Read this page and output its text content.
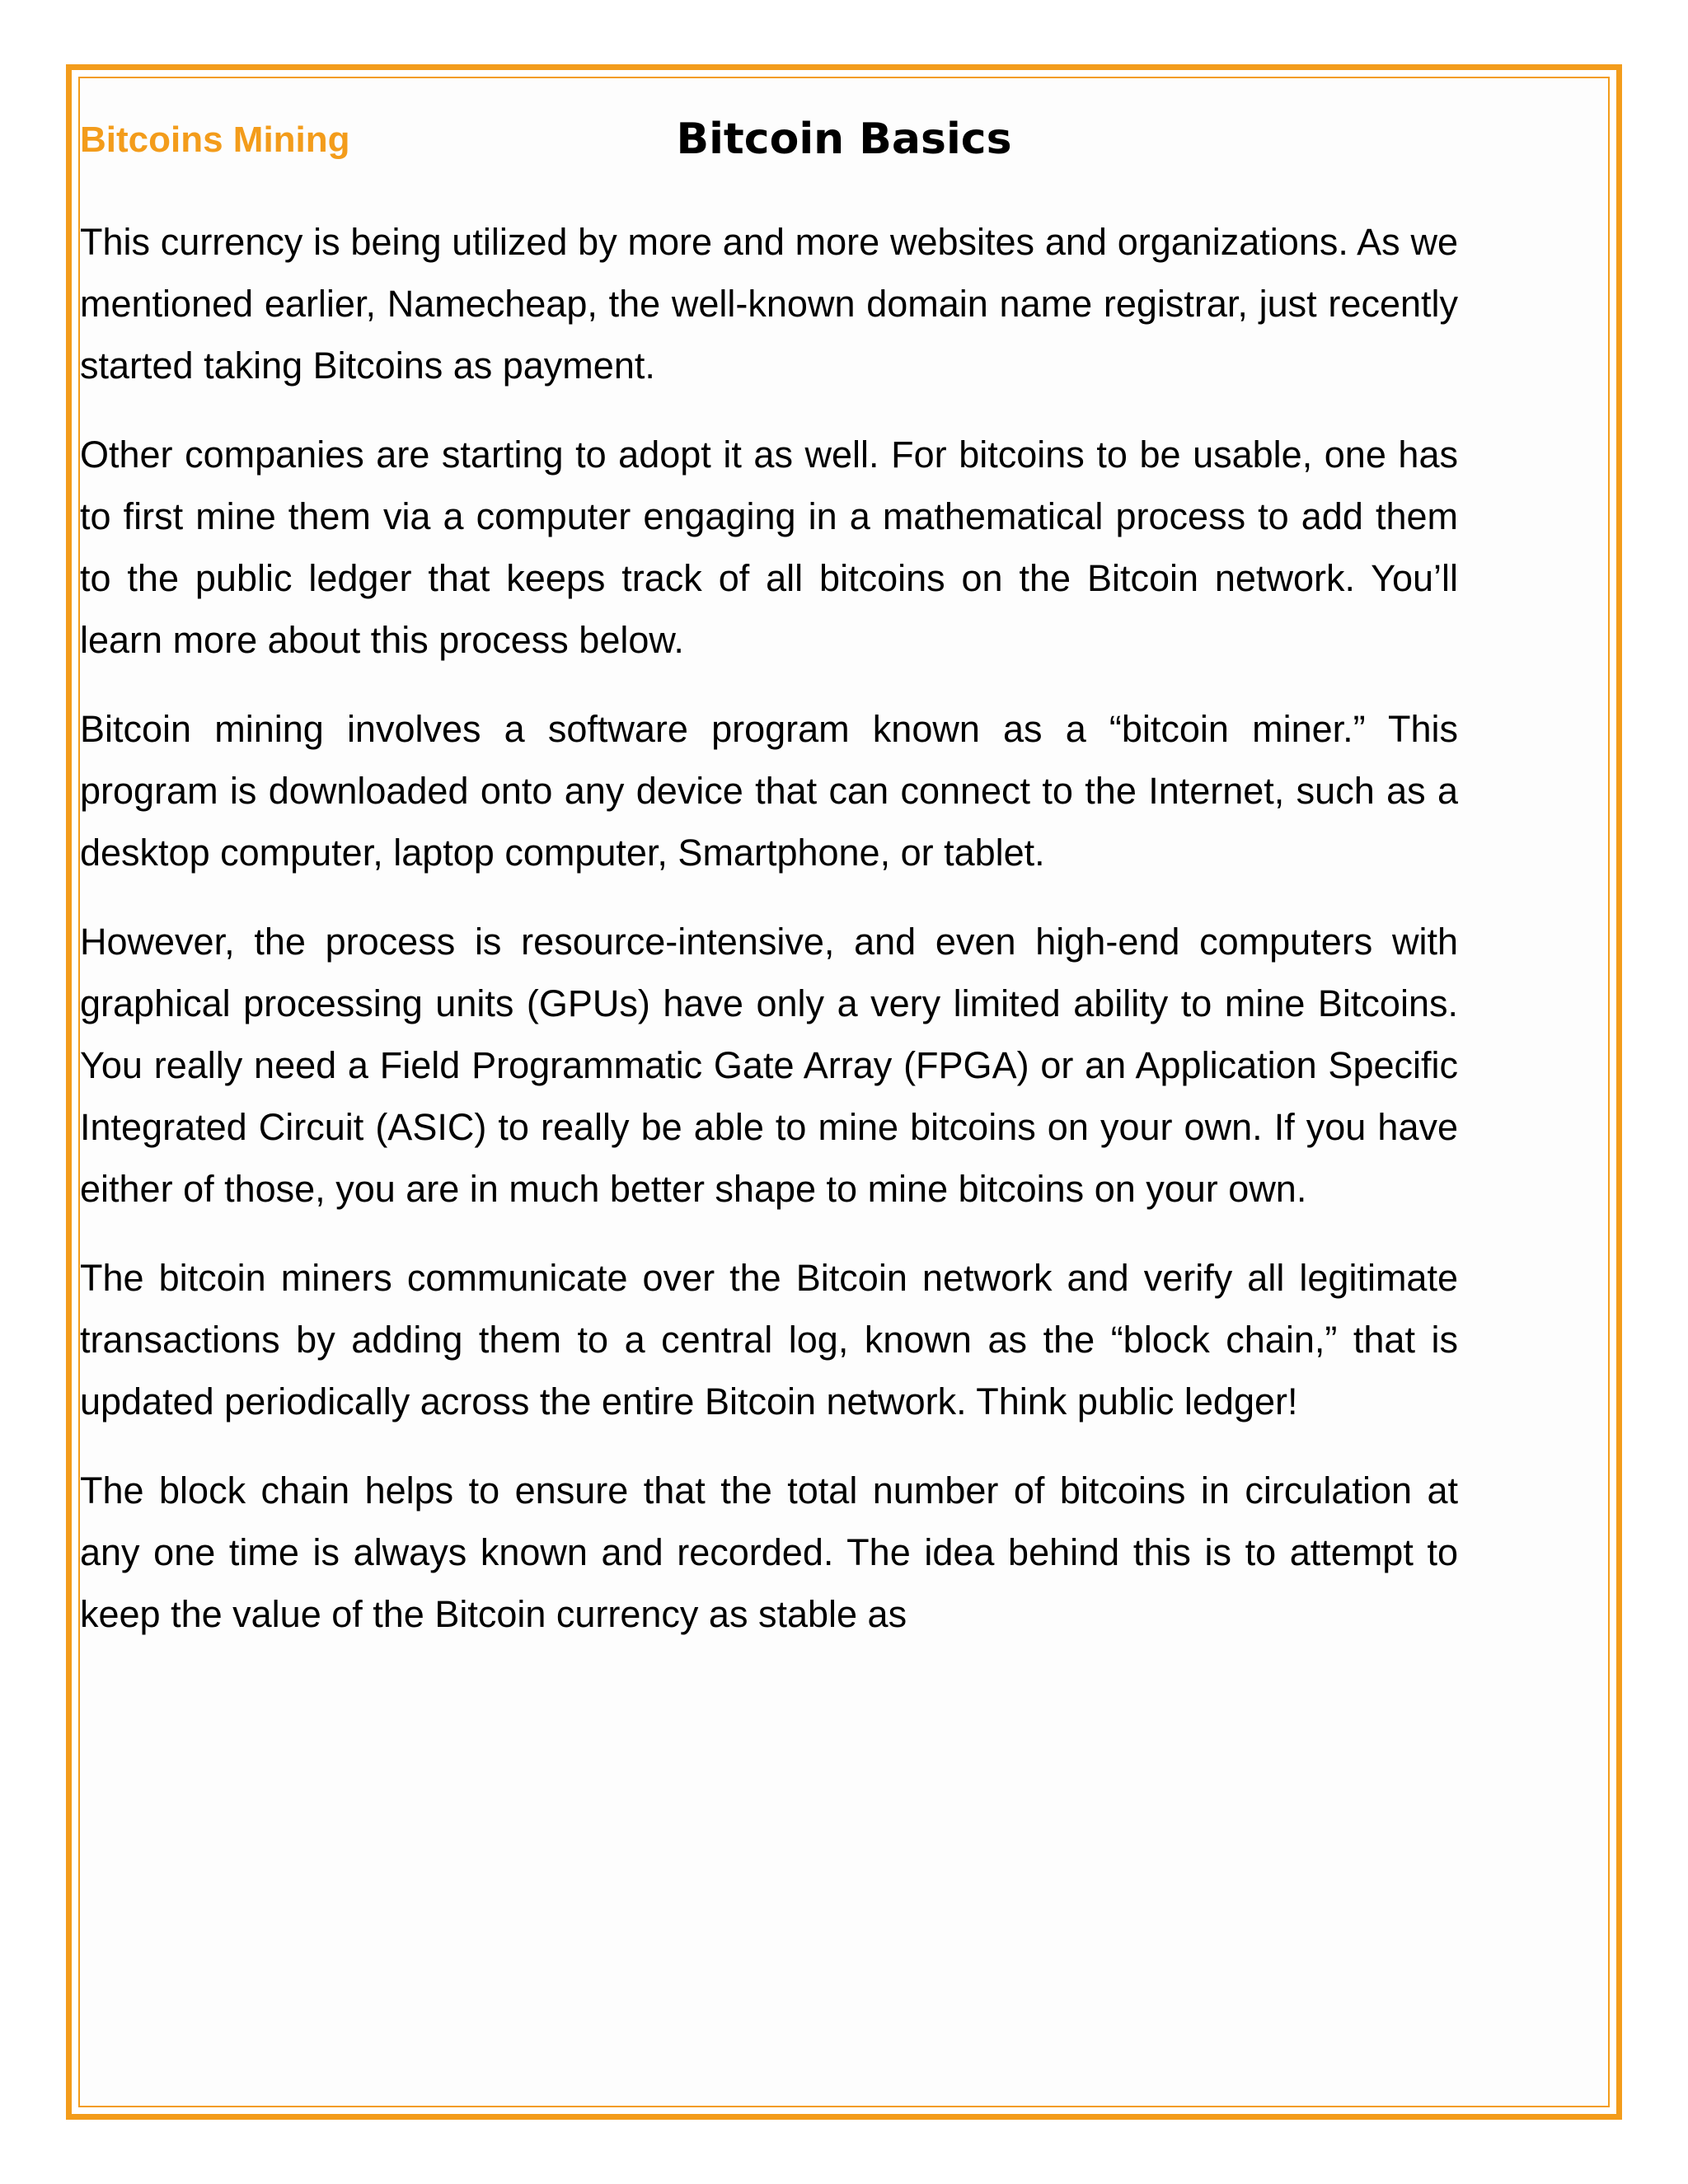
Bitcoin Basics
Bitcoins Mining

This currency is being utilized by more and more websites and organizations. As we mentioned earlier, Namecheap, the well-known domain name registrar, just recently started taking Bitcoins as payment.

Other companies are starting to adopt it as well. For bitcoins to be usable, one has to first mine them via a computer engaging in a mathematical process to add them to the public ledger that keeps track of all bitcoins on the Bitcoin network. You’ll learn more about this process below.

Bitcoin mining involves a software program known as a “bitcoin miner.” This program is downloaded onto any device that can connect to the Internet, such as a desktop computer, laptop computer, Smartphone, or tablet.

However, the process is resource-intensive, and even high-end computers with graphical processing units (GPUs) have only a very limited ability to mine Bitcoins. You really need a Field Programmatic Gate Array (FPGA) or an Application Specific Integrated Circuit (ASIC) to really be able to mine bitcoins on your own. If you have either of those, you are in much better shape to mine bitcoins on your own.

The bitcoin miners communicate over the Bitcoin network and verify all legitimate transactions by adding them to a central log, known as the “block chain,” that is updated periodically across the entire Bitcoin network. Think public ledger!

The block chain helps to ensure that the total number of bitcoins in circulation at any one time is always known and recorded. The idea behind this is to attempt to keep the value of the Bitcoin currency as stable as
